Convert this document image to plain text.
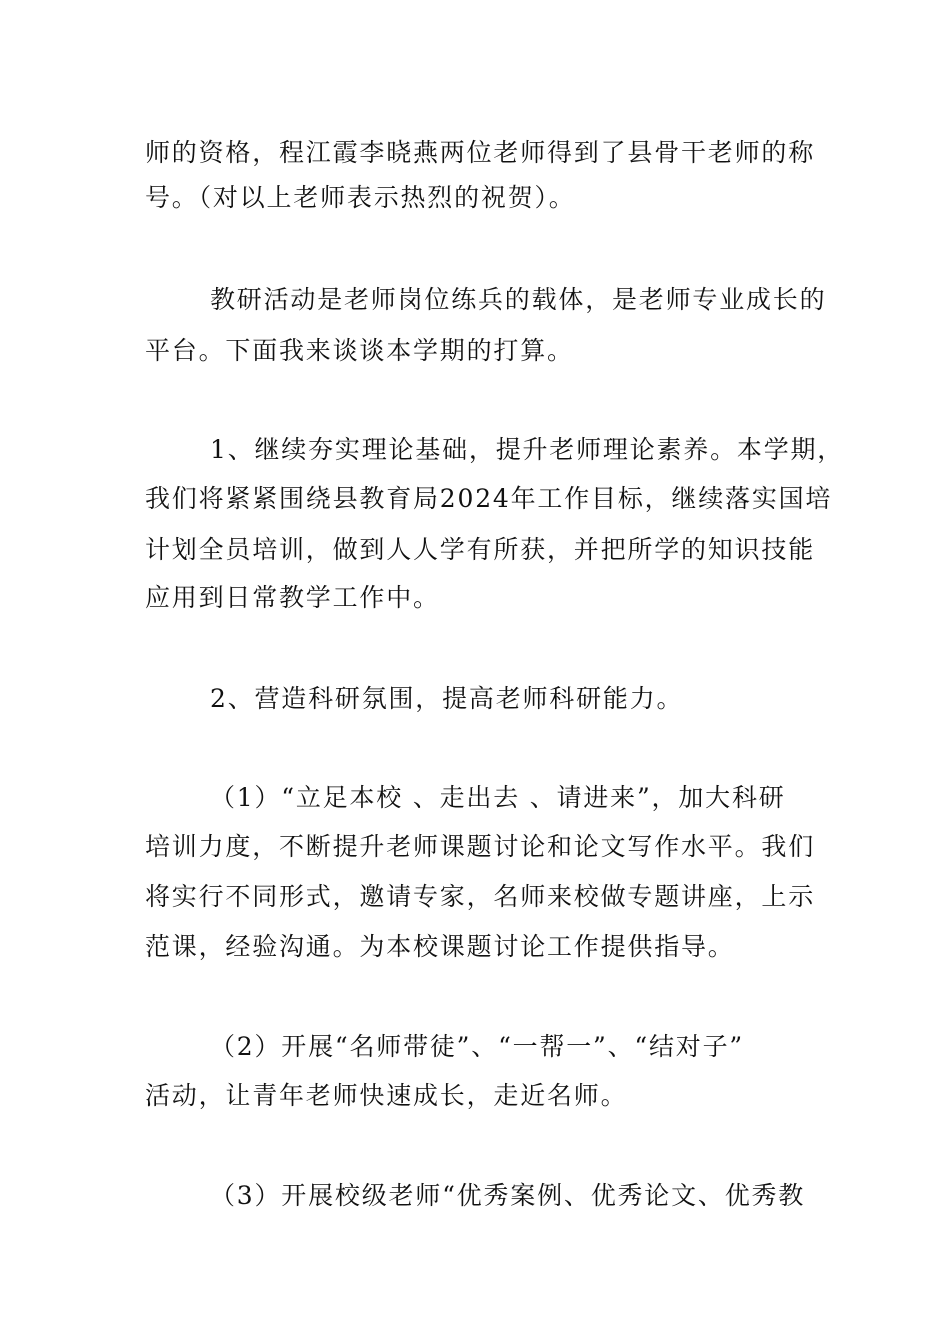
师的资格，程江霞李晓燕两位老师得到了县骨干老师的称
号。（对以上老师表示热烈的祝贺）。
教研活动是老师岗位练兵的载体，是老师专业成长的
平台。下面我来谈谈本学期的打算。
1、继续夯实理论基础，提升老师理论素养。本学期，
我们将紧紧围绕县教育局2024年工作目标，继续落实国培
计划全员培训，做到人人学有所获，并把所学的知识技能
应用到日常教学工作中。
2、营造科研氛围，提高老师科研能力。
（1）“立足本校 、走出去 、请进来”，加大科研
培训力度，不断提升老师课题讨论和论文写作水平。我们
将实行不同形式，邀请专家，名师来校做专题讲座，上示
范课，经验沟通。为本校课题讨论工作提供指导。
（2）开展“名师带徒”、“一帮一”、“结对子”
活动，让青年老师快速成长，走近名师。
（3）开展校级老师“优秀案例、优秀论文、优秀教
